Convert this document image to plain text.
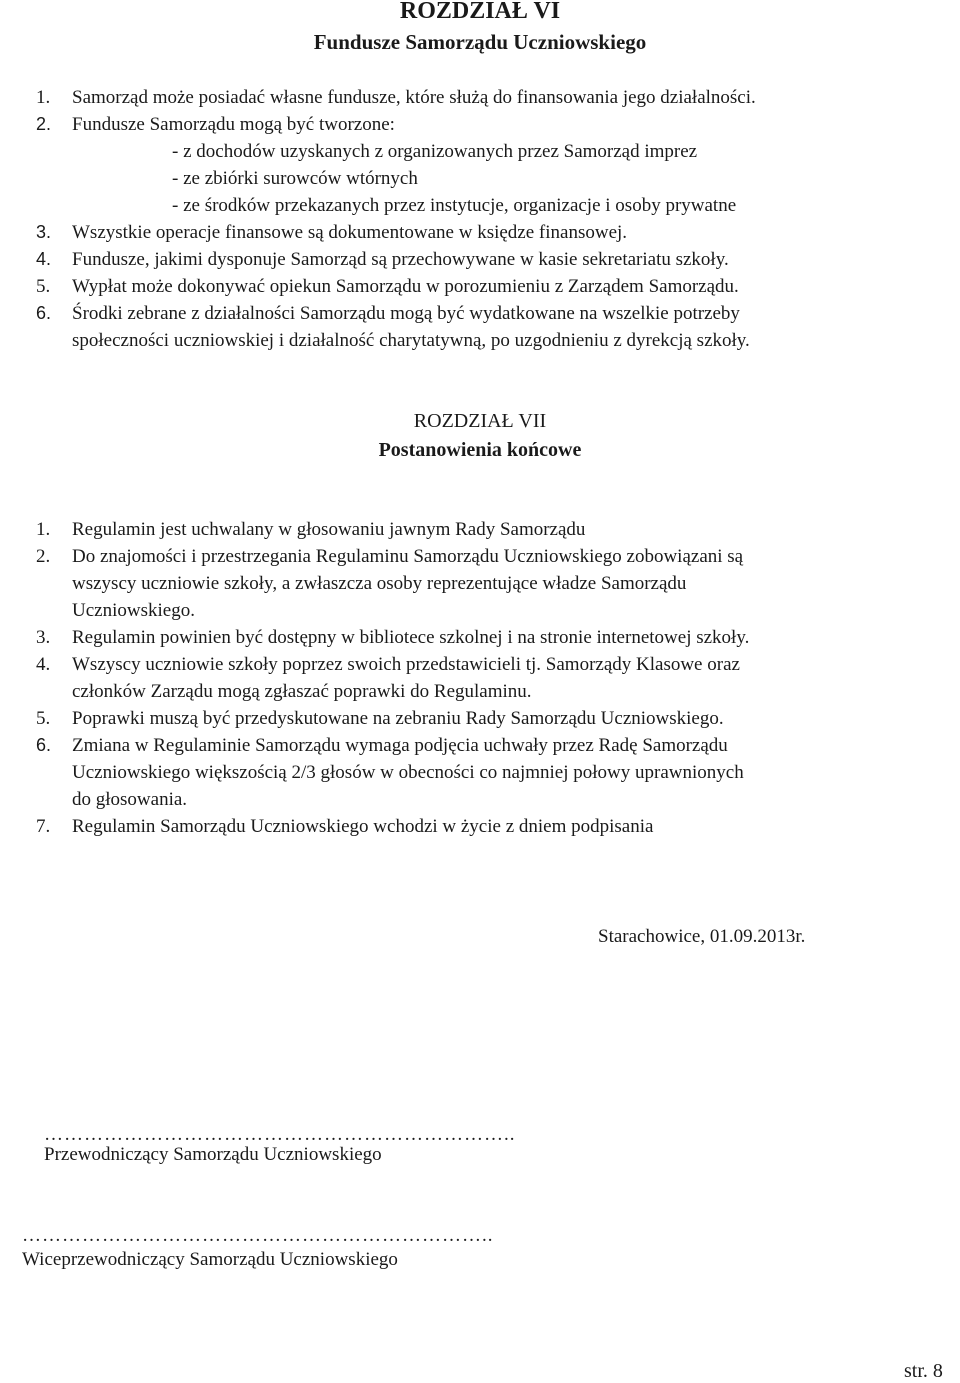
ROZDZIAŁ VI
Fundusze Samorządu Uczniowskiego
1. Samorząd może posiadać własne fundusze, które służą do finansowania jego działalności.
2. Fundusze Samorządu mogą być tworzone:
- z dochodów uzyskanych z organizowanych przez Samorząd imprez
- ze zbiórki surowców wtórnych
- ze środków przekazanych przez instytucje, organizacje i osoby prywatne
3. Wszystkie operacje finansowe są dokumentowane w księdze finansowej.
4. Fundusze, jakimi dysponuje Samorząd są przechowywane w kasie sekretariatu szkoły.
5. Wypłat może dokonywać opiekun Samorządu w porozumieniu z Zarządem Samorządu.
6. Środki zebrane z działalności Samorządu mogą być wydatkowane na wszelkie potrzeby
społeczności uczniowskiej i działalność charytatywną, po uzgodnieniu z dyrekcją szkoły.
ROZDZIAŁ VII
Postanowienia końcowe
1. Regulamin jest uchwalany w głosowaniu jawnym Rady Samorządu
2. Do znajomości i przestrzegania Regulaminu Samorządu Uczniowskiego zobowiązani są
wszyscy uczniowie szkoły, a zwłaszcza osoby reprezentujące władze Samorządu
Uczniowskiego.
3. Regulamin powinien być dostępny w bibliotece szkolnej i na stronie internetowej szkoły.
4. Wszyscy uczniowie szkoły poprzez swoich przedstawicieli tj. Samorządy Klasowe oraz
członków Zarządu mogą zgłaszać poprawki do Regulaminu.
5. Poprawki muszą być przedyskutowane na zebraniu Rady Samorządu Uczniowskiego.
6. Zmiana w Regulaminie Samorządu wymaga podjęcia uchwały przez Radę Samorządu
Uczniowskiego większością 2/3 głosów w obecności co najmniej połowy uprawnionych
do głosowania.
7. Regulamin Samorządu Uczniowskiego wchodzi w życie z dniem podpisania
Starachowice, 01.09.2013r.
……………………………………………………………..
Przewodniczący Samorządu Uczniowskiego
……………………………………………………………..
Wiceprzewodniczący Samorządu Uczniowskiego
str. 8
